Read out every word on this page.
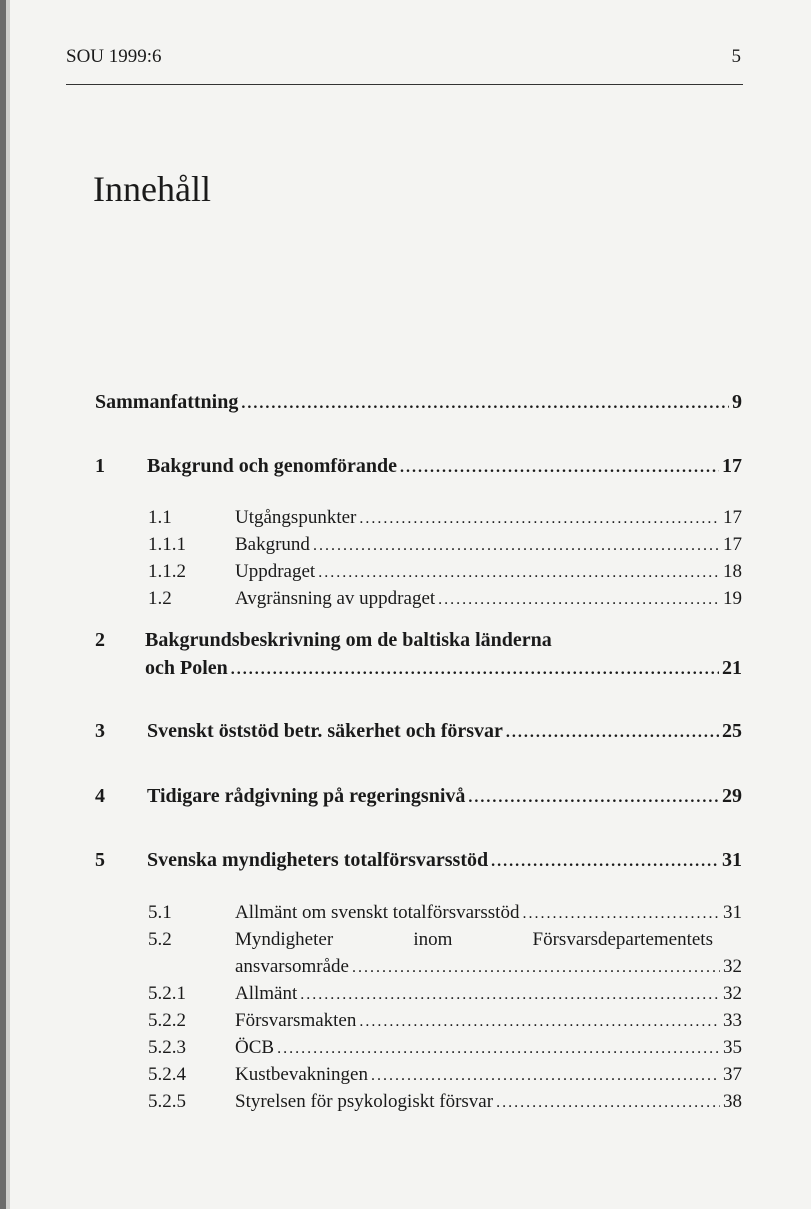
SOU 1999:6	5
Innehåll
Sammanfattning .....	9
1	Bakgrund och genomförande .....	17
1.1	Utgångspunkter .....	17
1.1.1	Bakgrund .....	17
1.1.2	Uppdraget .....	18
1.2	Avgränsning av uppdraget .....	19
2	Bakgrundsbeskrivning om de baltiska länderna
och Polen .....	21
3	Svenskt öststöd betr. säkerhet och försvar .....	25
4	Tidigare rådgivning på regeringsnivå .....	29
5	Svenska myndigheters totalförsvarsstöd .....	31
5.1	Allmänt om svenskt totalförsvarsstöd .....	31
5.2	Myndigheter	inom	Försvarsdepartementets
ansvarsområde .....	32
5.2.1	Allmänt .....	32
5.2.2	Försvarsmakten .....	33
5.2.3	ÖCB .....	35
5.2.4	Kustbevakningen .....	37
5.2.5	Styrelsen för psykologiskt försvar .....	38
